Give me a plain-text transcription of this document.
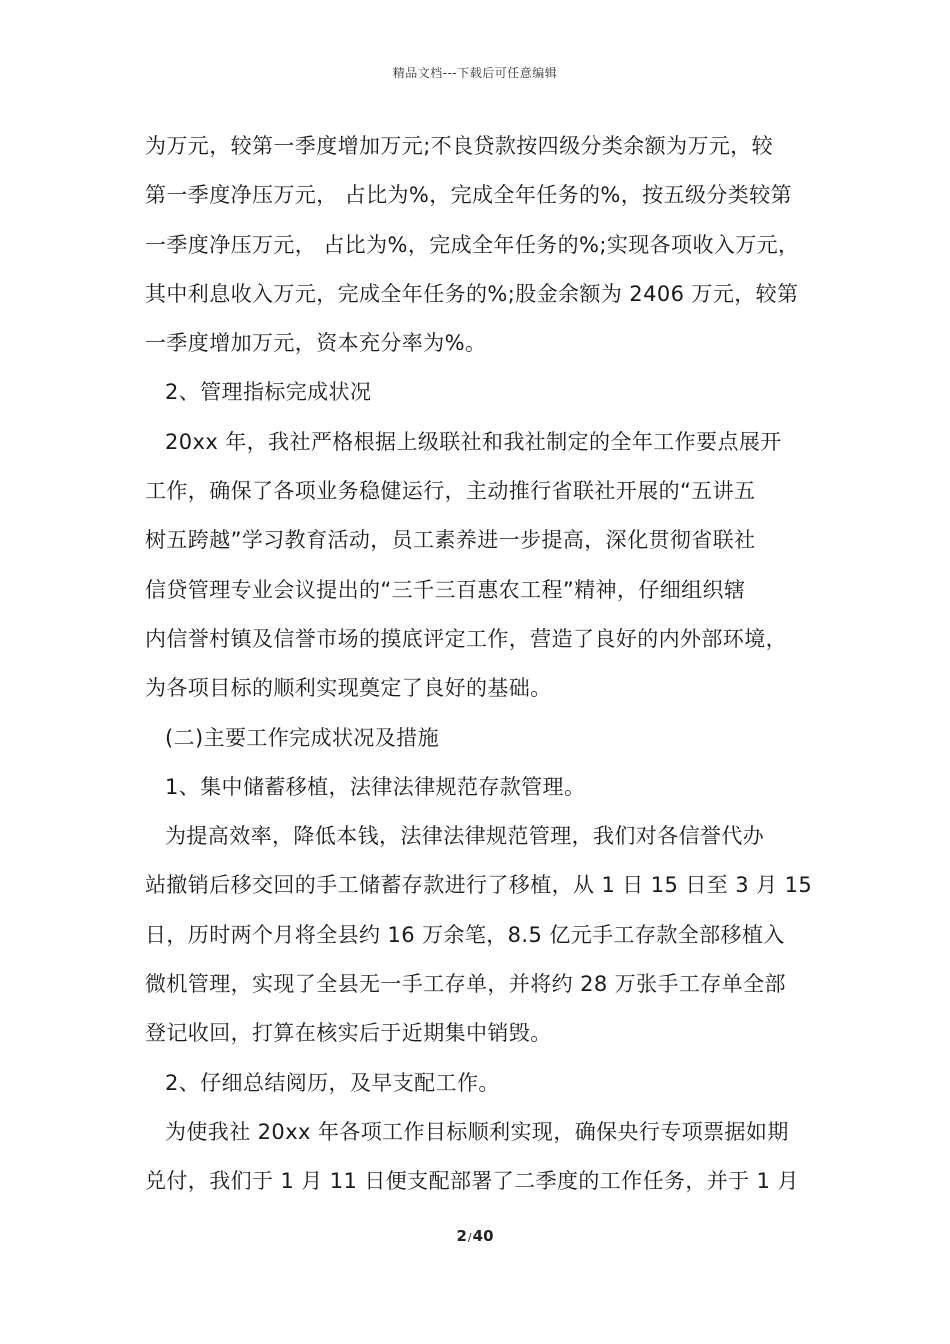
精品文档---下载后可任意编辑
为万元，较第一季度增加万元;不良贷款按四级分类余额为万元，较
第一季度净压万元， 占比为%，完成全年任务的%，按五级分类较第
一季度净压万元， 占比为%，完成全年任务的%;实现各项收入万元，
其中利息收入万元，完成全年任务的%;股金余额为 2406 万元，较第
一季度增加万元，资本充分率为%。
2、管理指标完成状况
20xx 年，我社严格根据上级联社和我社制定的全年工作要点展开
工作，确保了各项业务稳健运行，主动推行省联社开展的“五讲五
树五跨越”学习教育活动，员工素养进一步提高，深化贯彻省联社
信贷管理专业会议提出的“三千三百惠农工程”精神，仔细组织辖
内信誉村镇及信誉市场的摸底评定工作，营造了良好的内外部环境，
为各项目标的顺利实现奠定了良好的基础。
(二)主要工作完成状况及措施
1、集中储蓄移植，法律法律规范存款管理。
为提高效率，降低本钱，法律法律规范管理，我们对各信誉代办
站撤销后移交回的手工储蓄存款进行了移植，从 1 日 15 日至 3 月 15
日，历时两个月将全县约 16 万余笔，8.5 亿元手工存款全部移植入
微机管理，实现了全县无一手工存单，并将约 28 万张手工存单全部
登记收回，打算在核实后于近期集中销毁。
2、仔细总结阅历，及早支配工作。
为使我社 20xx 年各项工作目标顺利实现，确保央行专项票据如期
兑付，我们于 1 月 11 日便支配部署了二季度的工作任务，并于 1 月
2/40
